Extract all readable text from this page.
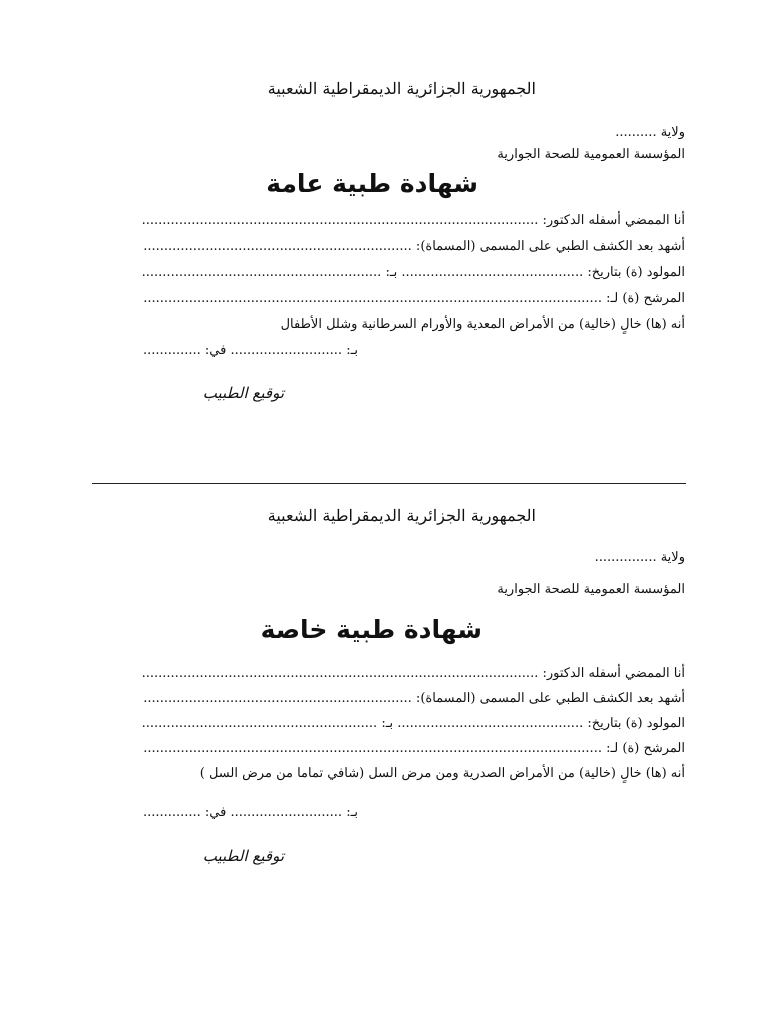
الجمهورية الجزائرية الديمقراطية الشعبية
ولاية ..........
المؤسسة العمومية للصحة الجوارية
شهادة طبية عامة
أنا الممضي أسفله الدكتور: ................................................................................................
أشهد بعد الكشف الطبي على المسمى (المسماة): .................................................................
المولود (ة) بتاريخ: ............................................ بـ: ..........................................................
المرشح (ة) لـ: ...............................................................................................................
أنه (ها) خالٍ (خالية) من الأمراض المعدية والأورام السرطانية وشلل الأطفال
بـ: ........................... في: ..............
توقيع الطبيب
الجمهورية الجزائرية الديمقراطية الشعبية
ولاية ...............
المؤسسة العمومية للصحة الجوارية
شهادة طبية خاصة
أنا الممضي أسفله الدكتور: ................................................................................................
أشهد بعد الكشف الطبي على المسمى (المسماة): .................................................................
المولود (ة) بتاريخ: ............................................. بـ: .........................................................
المرشح (ة) لـ: ...............................................................................................................
أنه (ها) خالٍ (خالية) من الأمراض الصدرية ومن مرض السل (شافي تماما من مرض السل )
بـ: ........................... في: ..............
توقيع الطبيب
